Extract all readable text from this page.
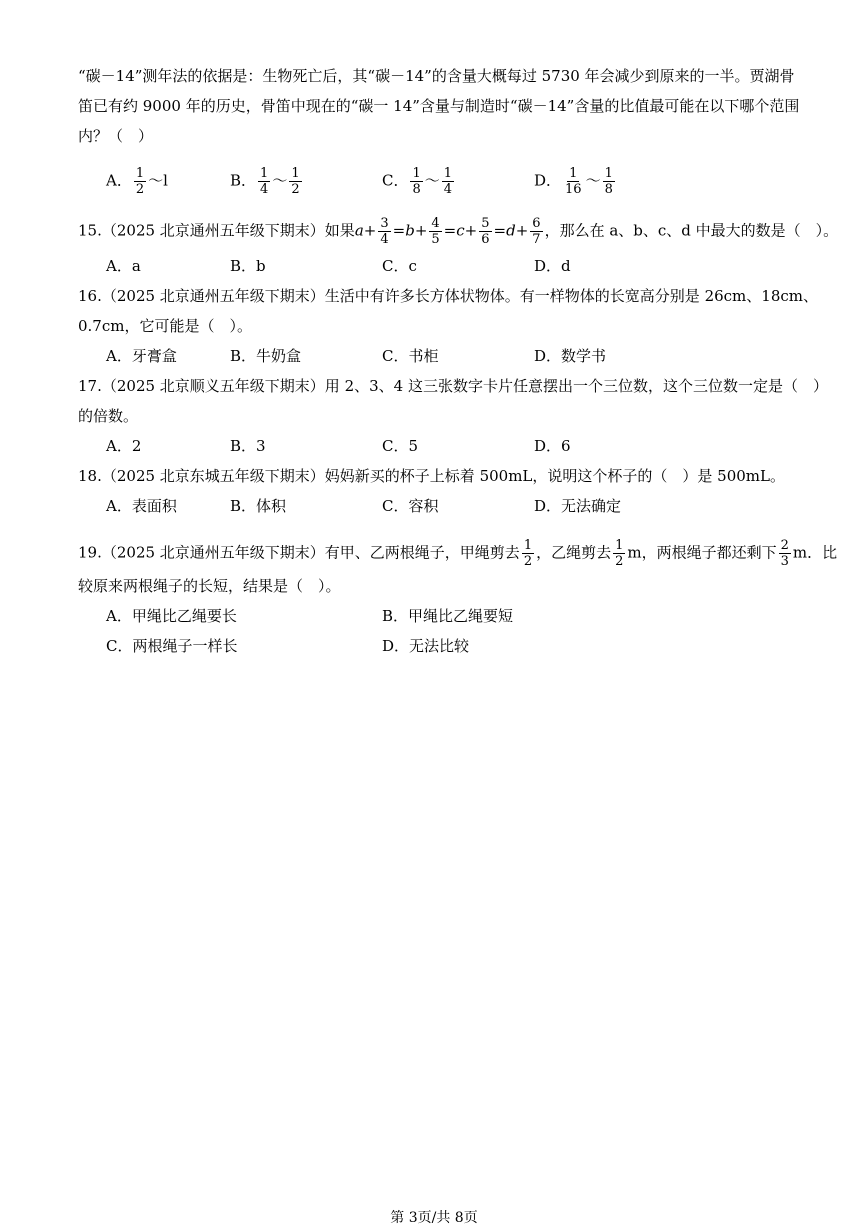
“碳－14”测年法的依据是：生物死亡后，其“碳－14”的含量大概每过 5730 年会减少到原来的一半。贾湖骨
笛已有约 9000 年的历史，骨笛中现在的“碳一 14”含量与制造时“碳－14”含量的比值最可能在以下哪个范围
内？（　）
A． $\frac{1}{2}$ ～l	B． $\frac{1}{4}$ ～ $\frac{1}{2}$	C． $\frac{1}{8}$ ～ $\frac{1}{4}$	D． $\frac{1}{16}$ ～ $\frac{1}{8}$
15.（2025 北京通州五年级下期末）如果$a+ \frac{3}{4} =b+ \frac{4}{5} =c+ \frac{5}{6} =d+ \frac{6}{7}$ ，那么在 a、b、c、d 中最大的数是（　）。
A．a	B．b	C．c	D．d
16.（2025 北京通州五年级下期末）生活中有许多长方体状物体。有一样物体的长宽高分别是 26cm、18cm、
0.7cm，它可能是（　）。
A．牙膏盒	B．牛奶盒	C．书柜	D．数学书
17.（2025 北京顺义五年级下期末）用 2、3、4 这三张数字卡片任意摆出一个三位数，这个三位数一定是（　）
的倍数。
A．2	B．3	C．5	D．6
18.（2025 北京东城五年级下期末）妈妈新买的杯子上标着 500mL，说明这个杯子的（　）是 500mL。
A．表面积	B．体积	C．容积	D．无法确定
19.（2025 北京通州五年级下期末）有甲、乙两根绳子，甲绳剪去 $\frac{1}{2}$ ，乙绳剪去 $\frac{1}{2}$ m，两根绳子都还剩下 $\frac{2}{3}$ m．比
较原来两根绳子的长短，结果是（　）。
A．甲绳比乙绳要长	B．甲绳比乙绳要短
C．两根绳子一样长	D．无法比较
第 3页/共 8页
